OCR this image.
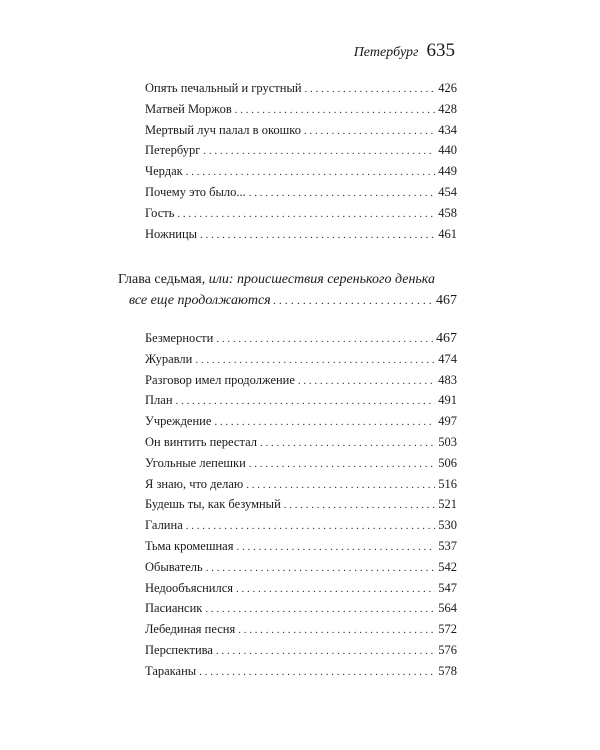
Петербург 635
Опять печальный и грустный . . .	426
Матвей Моржов . . .	428
Мертвый луч палал в окошко . . .	434
Петербург . . .	440
Чердак . . .	449
Почему это было... . . .	454
Гость . . .	458
Ножницы . . .	461
Глава седьмая, или: происшествия серенького денька
все еще продолжаются . . .	467
Безмерности . . .	467
Журавли . . .	474
Разговор имел продолжение . . .	483
План . . .	491
Учреждение . . .	497
Он винтить перестал . . .	503
Угольные лепешки . . .	506
Я знаю, что делаю . . .	516
Будешь ты, как безумный . . .	521
Галина . . .	530
Тьма кромешная . . .	537
Обыватель . . .	542
Недообъяснился . . .	547
Пасиансик . . .	564
Лебединая песня . . .	572
Перспектива . . .	576
Тараканы . . .	578
